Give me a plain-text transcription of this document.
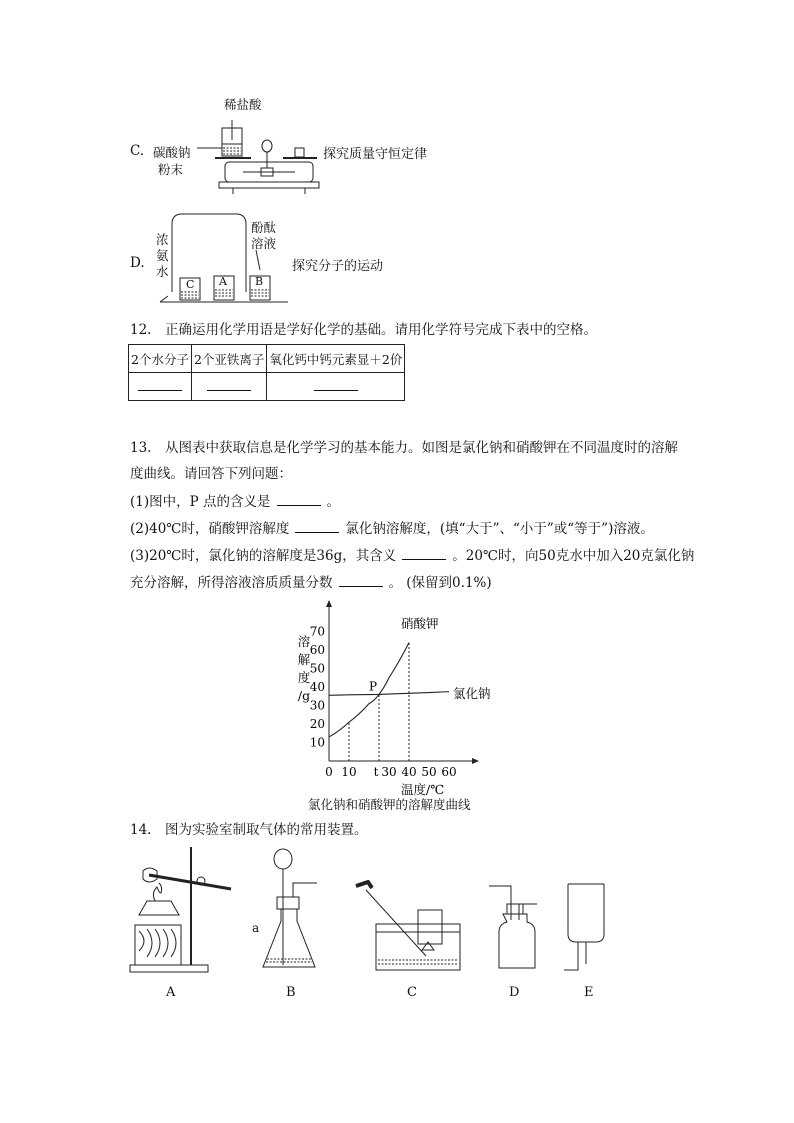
C.
稀盐酸
碳酸钠
粉末
探究质量守恒定律
D.
浓
氨
水
酚酞
溶液
探究分子的运动
C A	B
12.　正确运用化学用语是学好化学的基础。请用化学符号完成下表中的空格。
2个水分子	2个亚铁离子	氧化钙中钙元素显＋2价

13.　从图表中获取信息是化学学习的基本能力。如图是氯化钠和硝酸钾在不同温度时的溶解
度曲线。请回答下列问题：
(1)图中，P 点的含义是	。
(2)40℃时，硝酸钾溶解度	氯化钠溶解度，(填“大于”、“小于”或“等于”)溶液。
(3)20℃时，氯化钠的溶解度是36g，其含义	。20℃时，向50克水中加入20克氯化钠
充分溶解，所得溶液溶质质量分数	。 (保留到0.1%)
10
20
30
40
50
60
70
0 10 t 30 40 50 60
硝酸钾
氯化钠
P
溶
解
度
/g
温度/℃
氯化钠和硝酸钾的溶解度曲线
14.　图为实验室制取气体的常用装置。
a
A	B	C	D	E
